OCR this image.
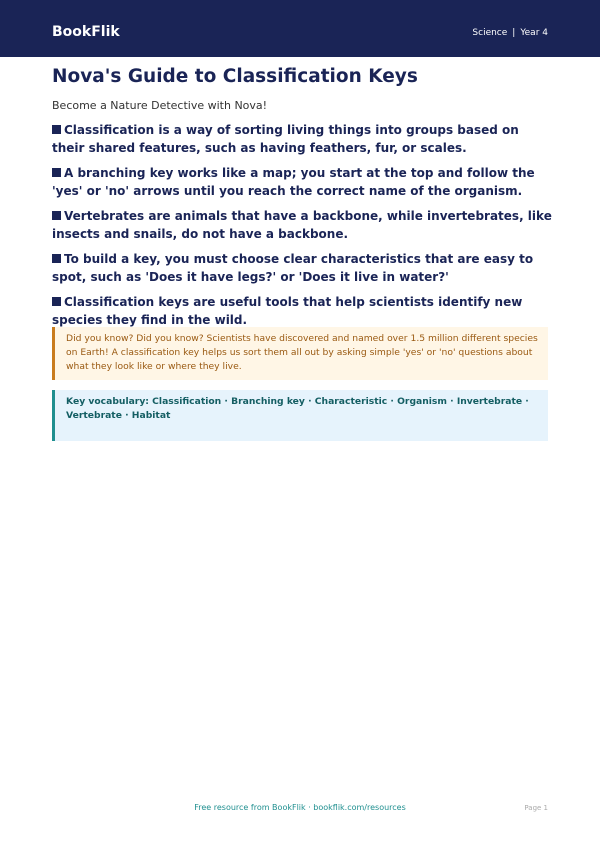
BookFlik	Science | Year 4
Nova's Guide to Classification Keys

Become a Nature Detective with Nova!

Classification is a way of sorting living things into groups based on their shared features, such as having feathers, fur, or scales.
A branching key works like a map; you start at the top and follow the 'yes' or 'no' arrows until you reach the correct name of the organism.
Vertebrates are animals that have a backbone, while invertebrates, like insects and snails, do not have a backbone.
To build a key, you must choose clear characteristics that are easy to spot, such as 'Does it have legs?' or 'Does it live in water?'
Classification keys are useful tools that help scientists identify new species they find in the wild.
Did you know? Did you know? Scientists have discovered and named over 1.5 million different species on Earth! A classification key helps us sort them all out by asking simple 'yes' or 'no' questions about what they look like or where they live.
Key vocabulary: Classification · Branching key · Characteristic · Organism · Invertebrate · Vertebrate · Habitat
Free resource from BookFlik · bookflik.com/resources	Page 1
